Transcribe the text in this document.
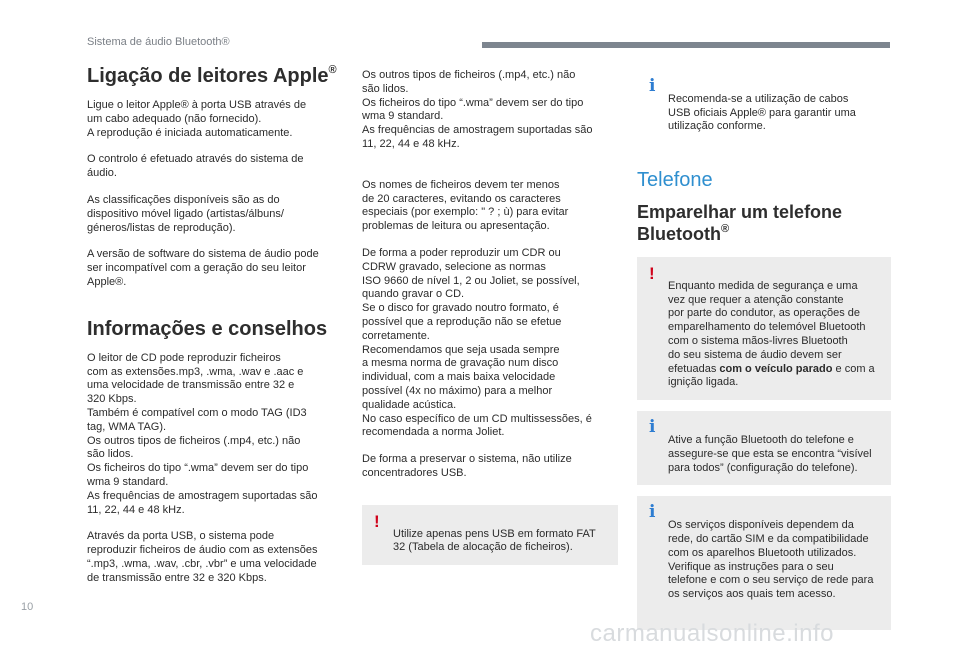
Sistema de áudio Bluetooth®
Ligação de leitores Apple®

Ligue o leitor Apple® à porta USB através de
um cabo adequado (não fornecido).
A reprodução é iniciada automaticamente.

O controlo é efetuado através do sistema de
áudio.

As classificações disponíveis são as do
dispositivo móvel ligado (artistas/álbuns/
géneros/listas de reprodução).

A versão de software do sistema de áudio pode
ser incompatível com a geração do seu leitor
Apple®.

Informações e conselhos

O leitor de CD pode reproduzir ficheiros
com as extensões.mp3, .wma, .wav e .aac e
uma velocidade de transmissão entre 32 e
320 Kbps.
Também é compatível com o modo TAG (ID3
tag, WMA TAG).
Os outros tipos de ficheiros (.mp4, etc.) não
são lidos.
Os ficheiros do tipo “.wma” devem ser do tipo
wma 9 standard.
As frequências de amostragem suportadas são
11, 22, 44 e 48 kHz.

Através da porta USB, o sistema pode
reproduzir ficheiros de áudio com as extensões
“.mp3, .wma, .wav, .cbr, .vbr” e uma velocidade
de transmissão entre 32 e 320 Kbps.

Os outros tipos de ficheiros (.mp4, etc.) não
são lidos.
Os ficheiros do tipo “.wma” devem ser do tipo
wma 9 standard.
As frequências de amostragem suportadas são
11, 22, 44 e 48 kHz.

Os nomes de ficheiros devem ter menos
de 20 caracteres, evitando os caracteres
especiais (por exemplo: " ? ; ù) para evitar
problemas de leitura ou apresentação.

De forma a poder reproduzir um CDR ou
CDRW gravado, selecione as normas
ISO 9660 de nível 1, 2 ou Joliet, se possível,
quando gravar o CD.
Se o disco for gravado noutro formato, é
possível que a reprodução não se efetue
corretamente.
Recomendamos que seja usada sempre
a mesma norma de gravação num disco
individual, com a mais baixa velocidade
possível (4x no máximo) para a melhor
qualidade acústica.
No caso específico de um CD multissessões, é
recomendada a norma Joliet.

De forma a preservar o sistema, não utilize
concentradores USB.

!
Utilize apenas pens USB em formato FAT
32 (Tabela de alocação de ficheiros).

i
Recomenda-se a utilização de cabos
USB oficiais Apple® para garantir uma
utilização conforme.

Telefone
Emparelhar um telefone
Bluetooth®

!
Enquanto medida de segurança e uma
vez que requer a atenção constante
por parte do condutor, as operações de
emparelhamento do telemóvel Bluetooth
com o sistema mãos-livres Bluetooth
do seu sistema de áudio devem ser
efetuadas com o veículo parado e com a
ignição ligada.

i
Ative a função Bluetooth do telefone e
assegure-se que esta se encontra “visível
para todos” (configuração do telefone).

i
Os serviços disponíveis dependem da
rede, do cartão SIM e da compatibilidade
com os aparelhos Bluetooth utilizados.
Verifique as instruções para o seu
telefone e com o seu serviço de rede para
os serviços aos quais tem acesso.

10
carmanualsonline.info
